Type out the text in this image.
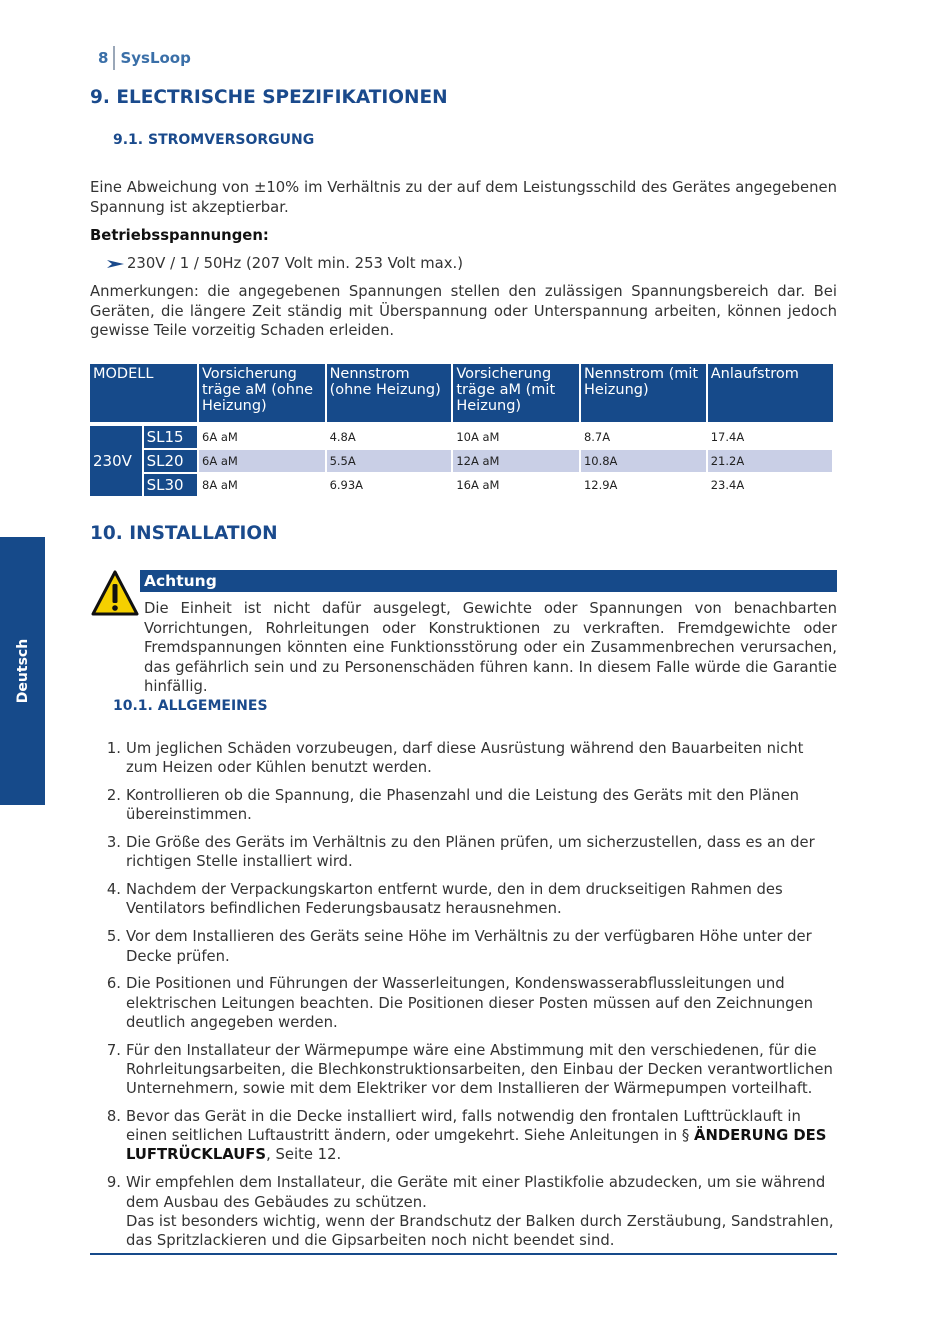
8 SysLoop
Deutsch
9. ELECTRISCHE SPEZIFIKATIONEN
9.1. STROMVERSORGUNG
Eine Abweichung von ±10% im Verhältnis zu der auf dem Leistungsschild des Gerätes angegebenen Spannung ist akzeptierbar.
Betriebsspannungen:
230V / 1 / 50Hz (207 Volt min. 253 Volt max.)
Anmerkungen: die angegebenen Spannungen stellen den zulässigen Spannungsbereich dar. Bei Geräten, die längere Zeit ständig mit Überspannung oder Unterspannung arbeiten, können jedoch gewisse Teile vorzeitig Schaden erleiden.
MODELL		Vorsicherung träge aM (ohne Heizung)	Nennstrom (ohne Heizung)	Vorsicherung träge aM (mit Heizung)	Nennstrom (mit Heizung)	Anlaufstrom

230V	SL15	6A aM	4.8A	10A aM	8.7A	17.4A
	SL20	6A aM	5.5A	12A aM	10.8A	21.2A
	SL30	8A aM	6.93A	16A aM	12.9A	23.4A
10. INSTALLATION
Achtung
Die Einheit ist nicht dafür ausgelegt, Gewichte oder Spannungen von benachbarten Vorrichtungen, Rohrleitungen oder Konstruktionen zu verkraften. Fremdgewichte oder Fremdspannungen könnten eine Funktionsstörung oder ein Zusammenbrechen verursachen, das gefährlich sein und zu Personenschäden führen kann. In diesem Falle würde die Garantie hinfällig.
10.1. ALLGEMEINES
1. Um jeglichen Schäden vorzubeugen, darf diese Ausrüstung während den Bauarbeiten nicht zum Heizen oder Kühlen benutzt werden.
2. Kontrollieren ob die Spannung, die Phasenzahl und die Leistung des Geräts mit den Plänen übereinstimmen.
3. Die Größe des Geräts im Verhältnis zu den Plänen prüfen, um sicherzustellen, dass es an der richtigen Stelle installiert wird.
4. Nachdem der Verpackungskarton entfernt wurde, den in dem druckseitigen Rahmen des Ventilators befindlichen Federungsbausatz herausnehmen.
5. Vor dem Installieren des Geräts seine Höhe im Verhältnis zu der verfügbaren Höhe unter der Decke prüfen.
6. Die Positionen und Führungen der Wasserleitungen, Kondenswasserabflussleitungen und elektrischen Leitungen beachten. Die Positionen dieser Posten müssen auf den Zeichnungen deutlich angegeben werden.
7. Für den Installateur der Wärmepumpe wäre eine Abstimmung mit den verschiedenen, für die Rohrleitungsarbeiten, die Blechkonstruktionsarbeiten, den Einbau der Decken verantwortlichen Unternehmern, sowie mit dem Elektriker vor dem Installieren der Wärmepumpen vorteilhaft.
8. Bevor das Gerät in die Decke installiert wird, falls notwendig den frontalen Lufttrücklauft in einen seitlichen Luftaustritt ändern, oder umgekehrt. Siehe Anleitungen in § ÄNDERUNG DES LUFTRÜCKLAUFS, Seite 12.
9. Wir empfehlen dem Installateur, die Geräte mit einer Plastikfolie abzudecken, um sie während dem Ausbau des Gebäudes zu schützen.
Das ist besonders wichtig, wenn der Brandschutz der Balken durch Zerstäubung, Sandstrahlen, das Spritzlackieren und die Gipsarbeiten noch nicht beendet sind.
